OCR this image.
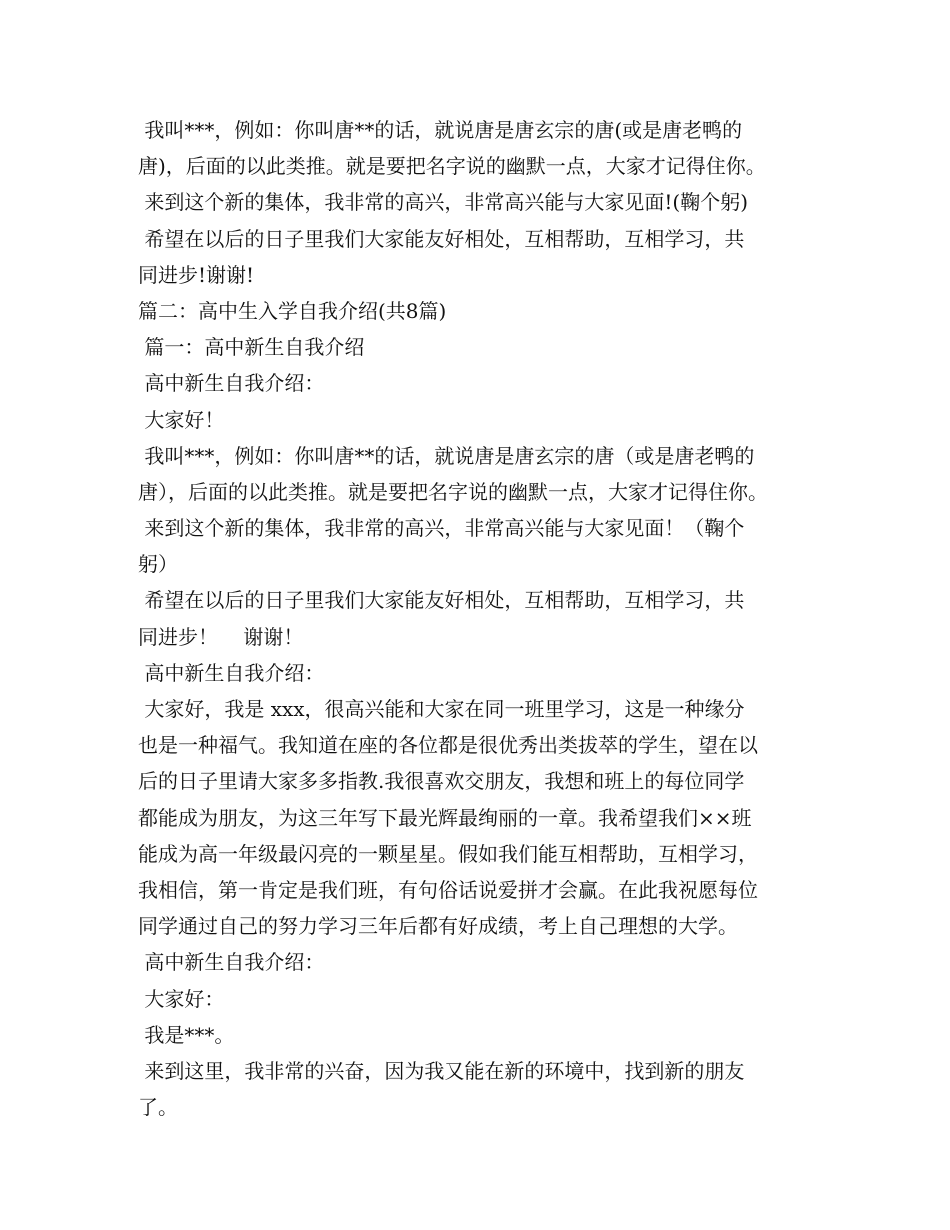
我叫***，例如：你叫唐**的话，就说唐是唐玄宗的唐(或是唐老鸭的
唐)，后面的以此类推。就是要把名字说的幽默一点，大家才记得住你。
来到这个新的集体，我非常的高兴，非常高兴能与大家见面!(鞠个躬)
希望在以后的日子里我们大家能友好相处，互相帮助，互相学习，共
同进步!谢谢!
篇二：高中生入学自我介绍(共8篇)
篇一：高中新生自我介绍
高中新生自我介绍：
大家好！
我叫***，例如：你叫唐**的话，就说唐是唐玄宗的唐（或是唐老鸭的
唐），后面的以此类推。就是要把名字说的幽默一点，大家才记得住你。
来到这个新的集体，我非常的高兴，非常高兴能与大家见面！（鞠个
躬）
希望在以后的日子里我们大家能友好相处，互相帮助，互相学习，共
同进步！    谢谢！
高中新生自我介绍：
大家好，我是 xxx，很高兴能和大家在同一班里学习，这是一种缘分
也是一种福气。我知道在座的各位都是很优秀出类拔萃的学生，望在以
后的日子里请大家多多指教.我很喜欢交朋友，我想和班上的每位同学
都能成为朋友，为这三年写下最光辉最绚丽的一章。我希望我们××班
能成为高一年级最闪亮的一颗星星。假如我们能互相帮助，互相学习，
我相信，第一肯定是我们班，有句俗话说爱拼才会赢。在此我祝愿每位
同学通过自己的努力学习三年后都有好成绩，考上自己理想的大学。
高中新生自我介绍：
大家好：
我是***。
来到这里，我非常的兴奋，因为我又能在新的环境中，找到新的朋友
了。
